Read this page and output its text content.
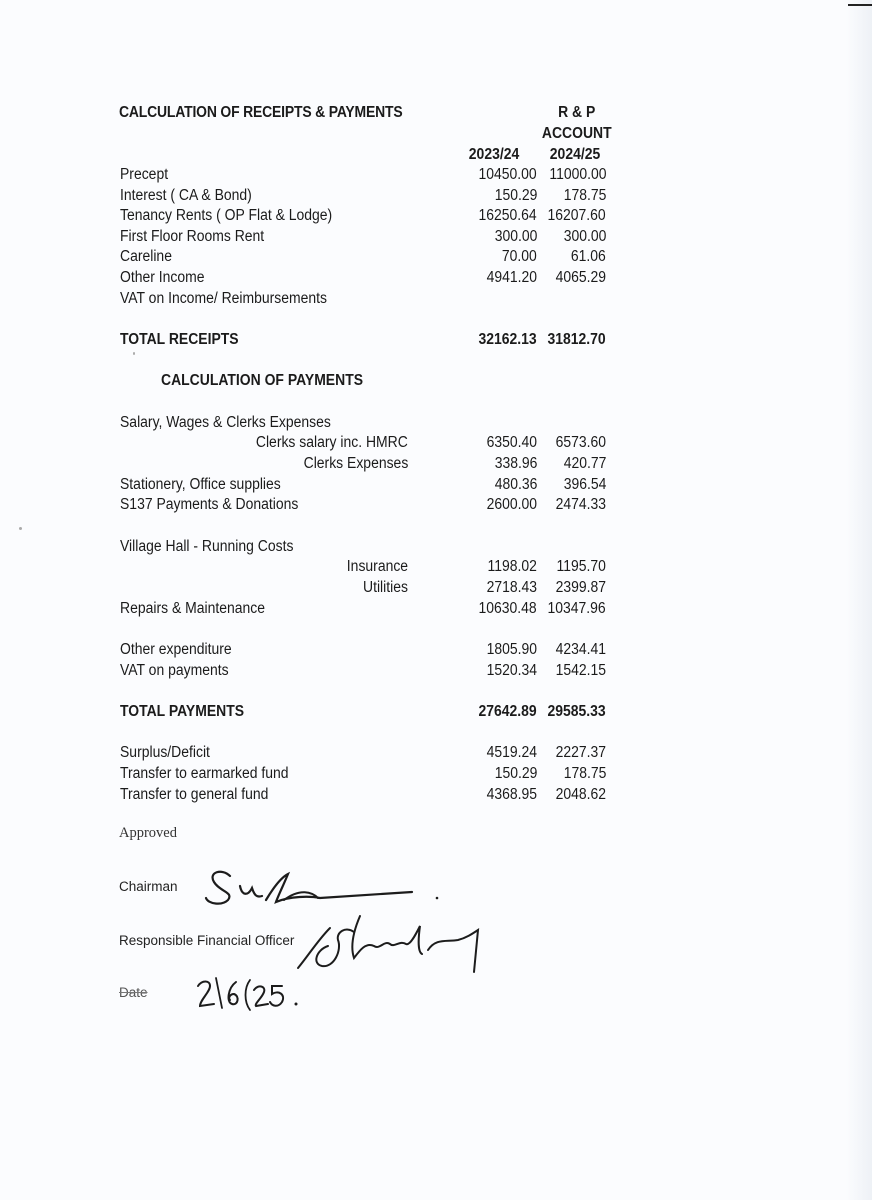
CALCULATION OF RECEIPTS & PAYMENTS	R & P
ACCOUNT
2023/24 2024/25
Precept	10450.00 11000.00
Interest ( CA & Bond)	150.29 178.75
Tenancy Rents ( OP Flat & Lodge)	16250.64 16207.60
First Floor Rooms Rent	300.00 300.00
Careline	70.00 61.06
Other Income	4941.20 4065.29
VAT on Income/ Reimbursements
TOTAL RECEIPTS	32162.13 31812.70
CALCULATION OF PAYMENTS
Salary, Wages & Clerks Expenses
Clerks salary inc. HMRC	6350.40 6573.60
Clerks Expenses	338.96 420.77
Stationery, Office supplies	480.36 396.54
S137 Payments & Donations	2600.00 2474.33
Village Hall - Running Costs
Insurance	1198.02 1195.70
Utilities	2718.43 2399.87
Repairs & Maintenance	10630.48 10347.96
Other expenditure	1805.90 4234.41
VAT on payments	1520.34 1542.15
TOTAL PAYMENTS	27642.89 29585.33
Surplus/Deficit	4519.24 2227.37
Transfer to earmarked fund	150.29 178.75
Transfer to general fund	4368.95 2048.62
Approved
Chairman
Responsible Financial Officer
Date
